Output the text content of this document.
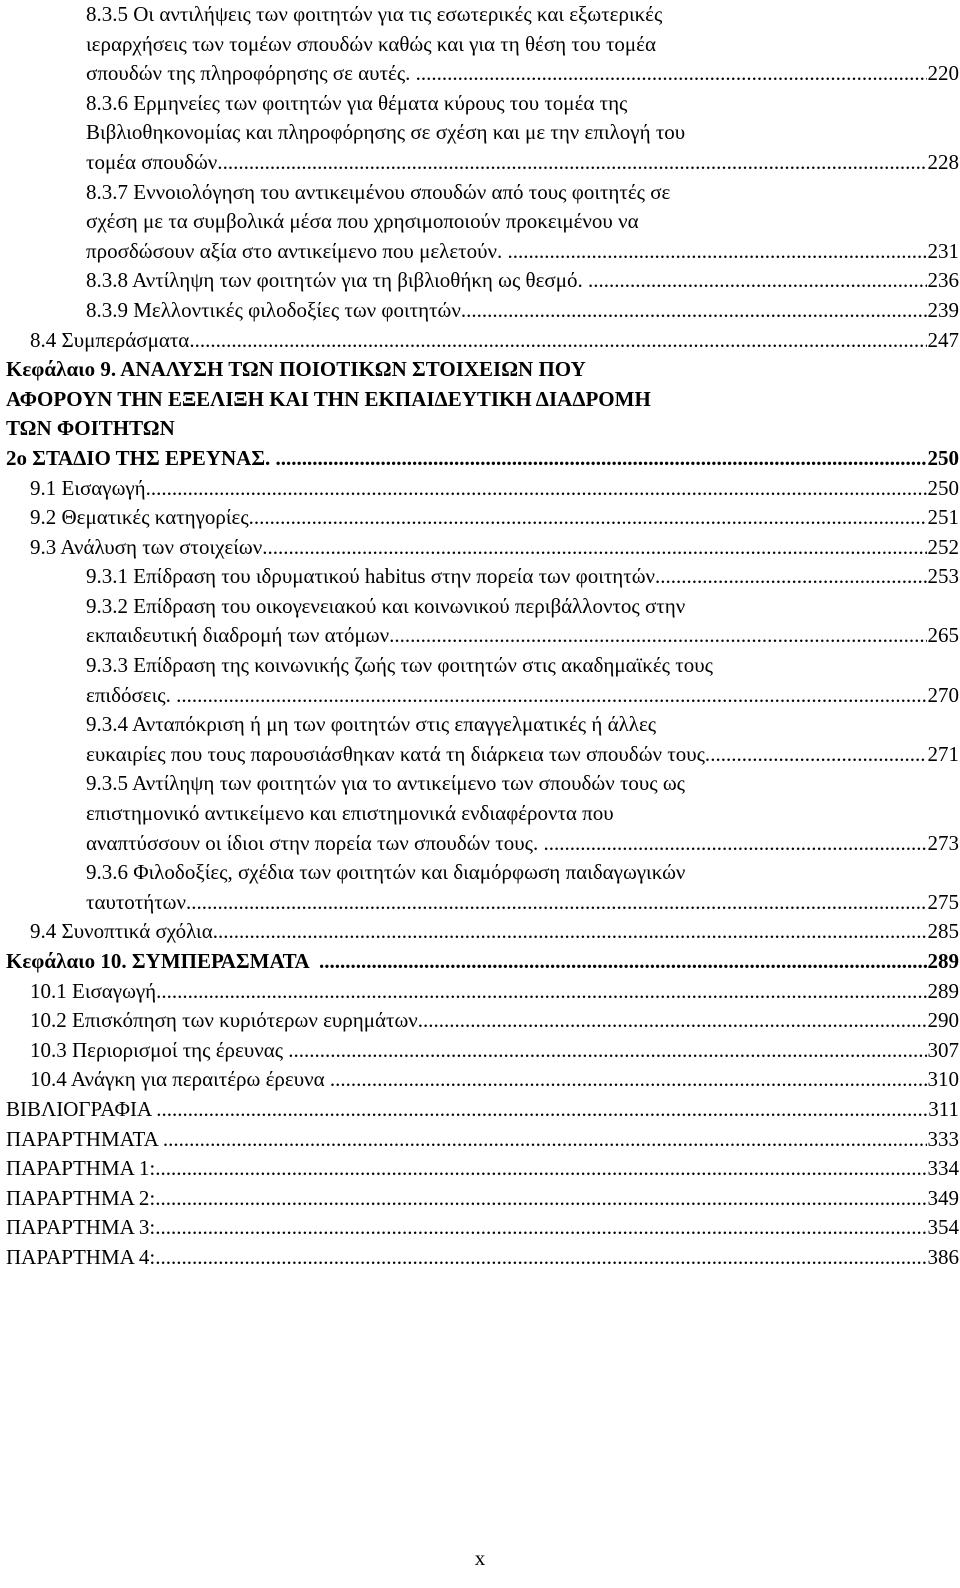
8.3.5 Οι αντιλήψεις των φοιτητών για τις εσωτερικές και εξωτερικές
ιεραρχήσεις των τομέων σπουδών καθώς και για τη θέση του τομέα
σπουδών της πληροφόρησης σε αυτές. .....	220
8.3.6 Ερμηνείες των φοιτητών για θέματα κύρους του τομέα της
Βιβλιοθηκονομίας και πληροφόρησης σε σχέση και με την επιλογή του
τομέα σπουδών. .....	228
8.3.7 Εννοιολόγηση του αντικειμένου σπουδών από τους φοιτητές σε
σχέση με τα συμβολικά μέσα που χρησιμοποιούν προκειμένου να
προσδώσουν αξία στο αντικείμενο που μελετούν. .....	231
8.3.8 Αντίληψη των φοιτητών για τη βιβλιοθήκη ως θεσμό. .....	236
8.3.9 Μελλοντικές φιλοδοξίες των φοιτητών .....	239
8.4 Συμπεράσματα .....	247
Κεφάλαιο 9. ΑΝΑΛΥΣΗ ΤΩΝ ΠΟΙΟΤΙΚΩΝ ΣΤΟΙΧΕΙΩΝ ΠΟΥ
ΑΦΟΡΟΥΝ ΤΗΝ ΕΞΕΛΙΞΗ ΚΑΙ ΤΗΝ ΕΚΠΑΙΔΕΥΤΙΚΗ ΔΙΑΔΡΟΜΗ
ΤΩΝ ΦΟΙΤΗΤΩΝ
2o ΣΤΑΔΙΟ ΤΗΣ ΕΡΕΥΝΑΣ. .....	250
9.1 Εισαγωγή .....	250
9.2 Θεματικές κατηγορίες .....	251
9.3 Ανάλυση των στοιχείων .....	252
9.3.1 Επίδραση του ιδρυματικού habitus στην πορεία των φοιτητών .....	253
9.3.2 Επίδραση του οικογενειακού και κοινωνικού περιβάλλοντος στην
εκπαιδευτική διαδρομή των ατόμων .....	265
9.3.3 Επίδραση της κοινωνικής ζωής των φοιτητών στις ακαδημαϊκές τους
επιδόσεις. .....	270
9.3.4 Ανταπόκριση ή μη των φοιτητών στις επαγγελματικές ή άλλες
ευκαιρίες που τους παρουσιάσθηκαν κατά τη διάρκεια των σπουδών τους. .....	271
9.3.5 Αντίληψη των φοιτητών για το αντικείμενο των σπουδών τους ως
επιστημονικό αντικείμενο και επιστημονικά ενδιαφέροντα που
αναπτύσσουν οι ίδιοι στην πορεία των σπουδών τους. .....	273
9.3.6 Φιλοδοξίες, σχέδια των φοιτητών και διαμόρφωση παιδαγωγικών
ταυτοτήτων .....	275
9.4 Συνοπτικά σχόλια .....	285
Κεφάλαιο 10. ΣΥΜΠΕΡΑΣΜΑΤΑ .....	289
10.1 Εισαγωγή .....	289
10.2 Επισκόπηση των κυριότερων ευρημάτων .....	290
10.3 Περιορισμοί της έρευνας .....	307
10.4 Ανάγκη για περαιτέρω έρευνα .....	310
ΒΙΒΛΙΟΓΡΑΦΙΑ .....	311
ΠΑΡΑΡΤΗΜΑΤΑ .....	333
ΠΑΡΑΡΤΗΜΑ 1: .....	334
ΠΑΡΑΡΤΗΜΑ 2: .....	349
ΠΑΡΑΡΤΗΜΑ 3: .....	354
ΠΑΡΑΡΤΗΜΑ 4: .....	386
x
